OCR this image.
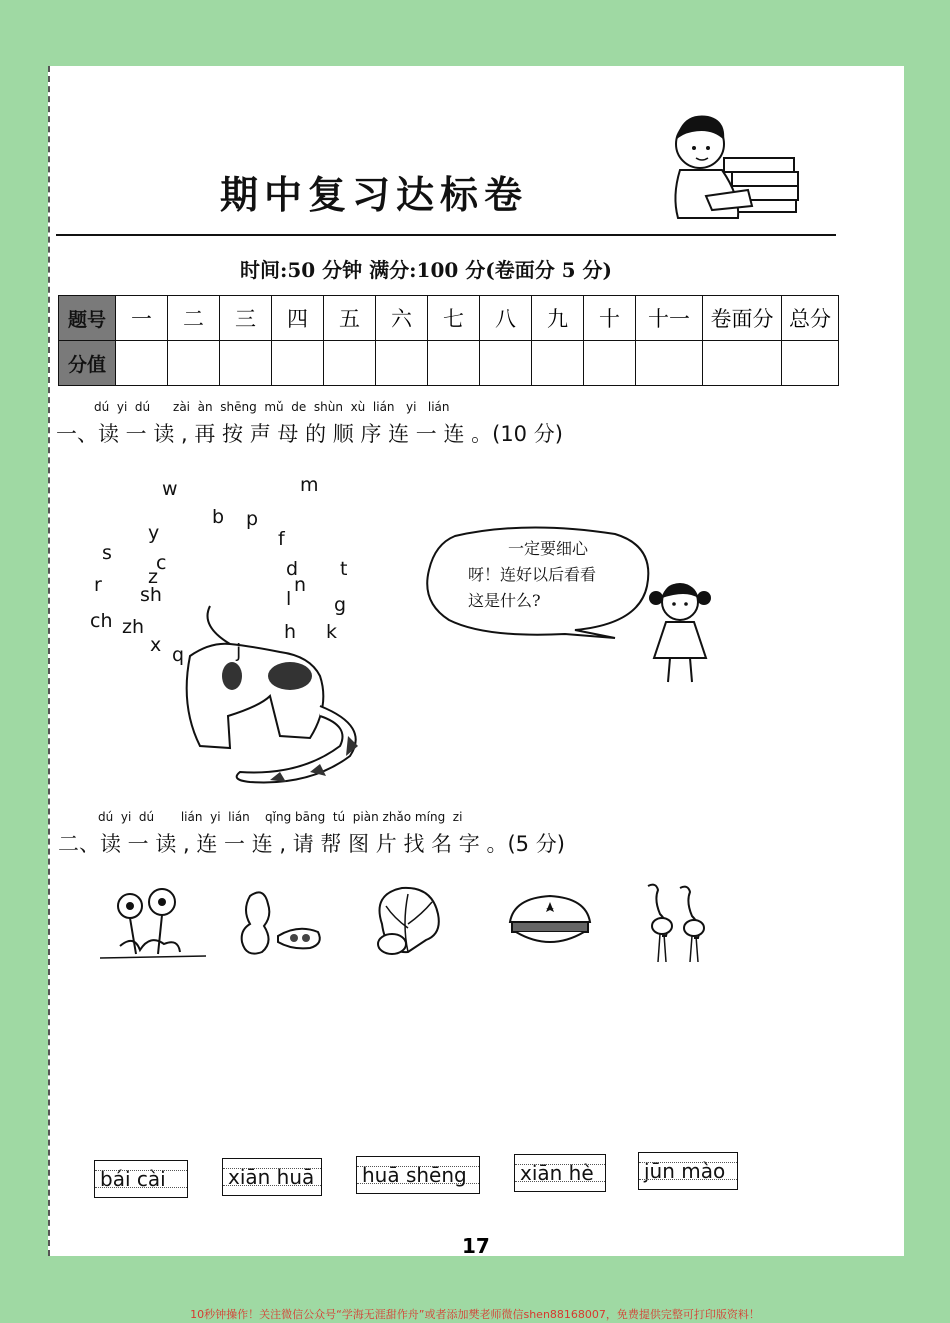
期中复习达标卷
时间:50 分钟 满分:100 分(卷面分 5 分)
题号	一	二	三	四	五	六	七	八	九	十	十一	卷面分	总分
分值													
dú  yi  dú      zài  àn  shēng  mǔ  de  shùn  xù  lián   yi   lián
一、读 一 读 , 再 按 声 母 的 顺 序 连 一 连 。(10 分)
w	m
b p
y	f
s c	d t
z
r	n
sh	l g
ch zh	h k
x q	j
一定要细心
呀！连好以后看看
这是什么?
dú  yi  dú       lián  yi  lián    qǐng bāng  tú  piàn zhǎo míng  zi
二、读 一 读 , 连 一 连 , 请 帮 图 片 找 名 字 。(5 分)
bái cài	xiān huā	huā shēng	xiān hè	jūn mào
17
10秒钟操作！关注微信公众号“学海无涯甜作舟”或者添加樊老师微信shen88168007，免费提供完整可打印版资料！
